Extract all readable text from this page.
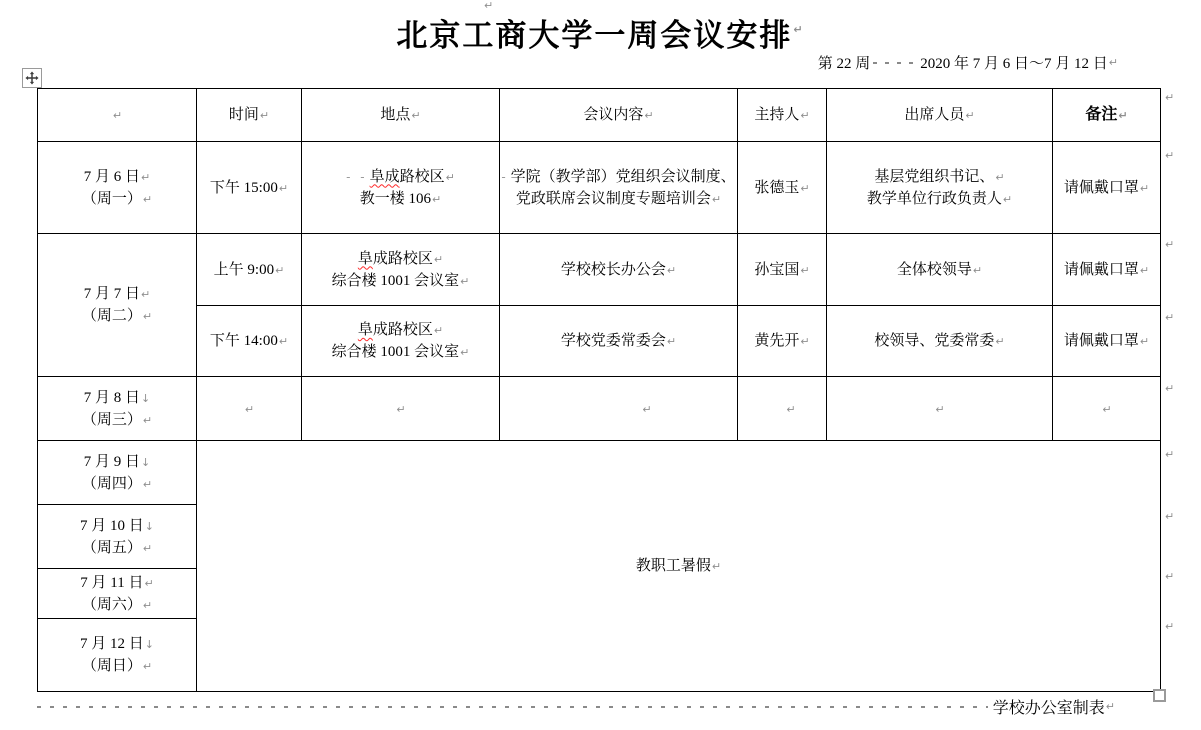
↵
北京工商大学一周会议安排 ↵
第 22 周	2020 年 7 月 6 日～7 月 12 日 ↵
↵	时间↵	地点↵	会议内容↵	主持人↵	出席人员↵	备注↵
7 月 6 日↵
（周一）↵	下午 15:00↵	- - 阜成路校区↵
教一楼 106↵	- 学院（教学部）党组织会议制度、
党政联席会议制度专题培训会↵	张德玉↵	基层党组织书记、↵
教学单位行政负责人↵	请佩戴口罩↵
7 月 7 日↵
（周二）↵	上午 9:00↵	阜成路校区↵
综合楼 1001 会议室↵	学校校长办公会↵	孙宝国↵	全体校领导↵	请佩戴口罩↵
	下午 14:00↵	阜成路校区↵
综合楼 1001 会议室↵	学校党委常委会↵	黄先开↵	校领导、党委常委↵	请佩戴口罩↵
7 月 8 日↓
（周三）↵	↵	↵	↵	↵	↵	↵
7 月 9 日↓
（周四）↵	教职工暑假↵					
7 月 10 日↓
（周五）↵						
7 月 11 日↵
（周六）↵						
7 月 12 日↓
（周日）↵						
↵
↵
↵
↵
↵
↵
↵
↵
↵
学校办公室制表 ↵
